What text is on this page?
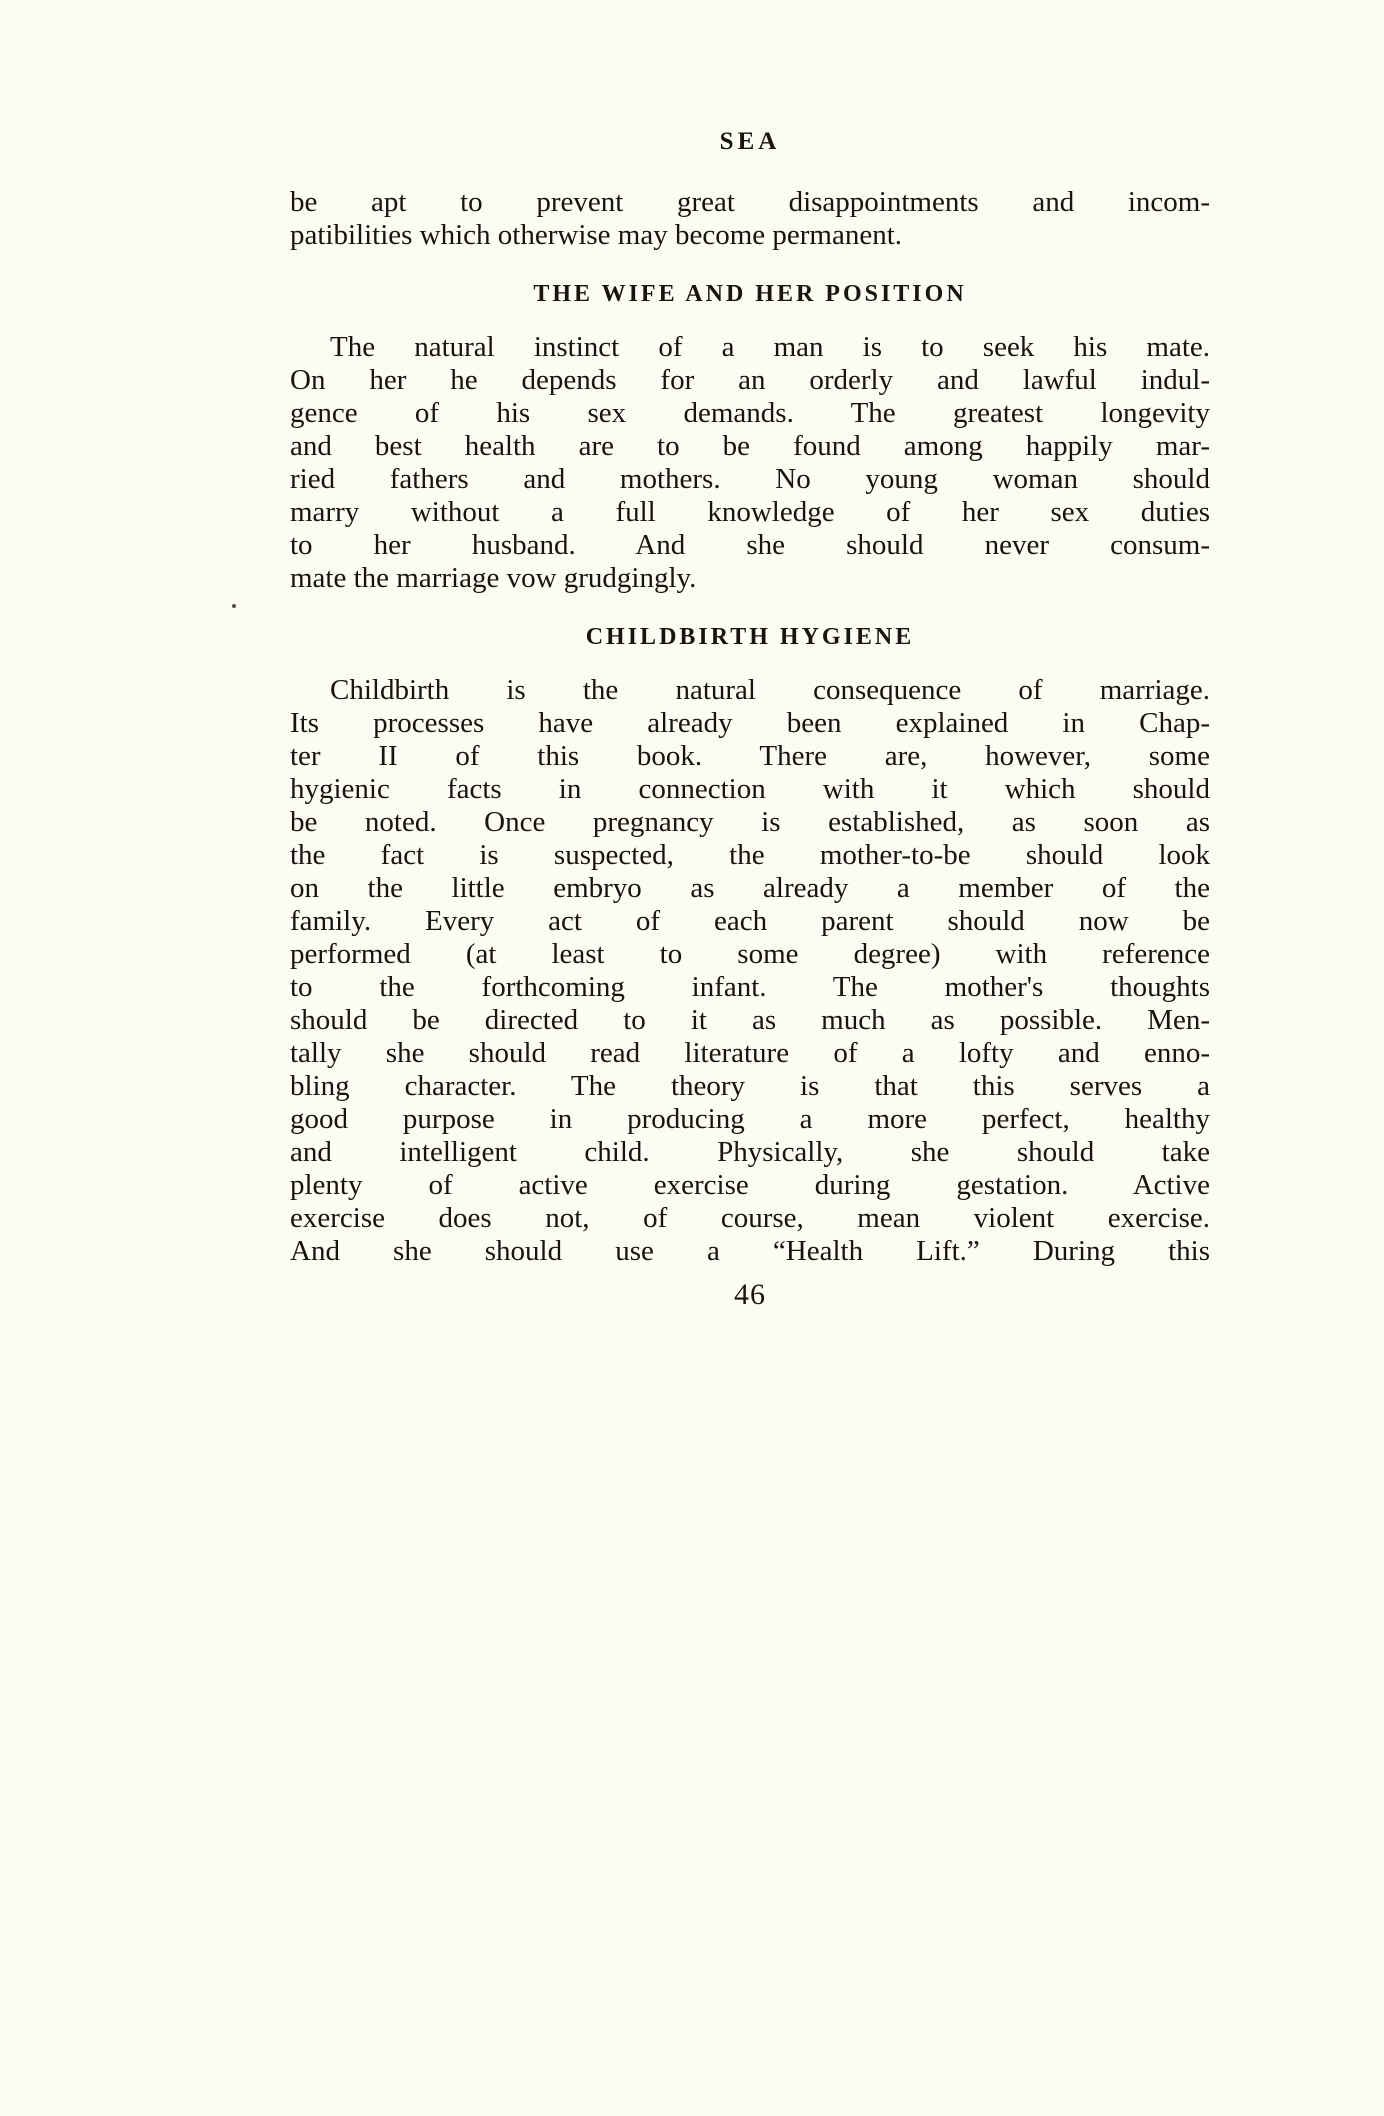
SEA
be apt to prevent great disappointments and incom-
patibilities which otherwise may become permanent.
THE WIFE AND HER POSITION
The natural instinct of a man is to seek his mate.
On her he depends for an orderly and lawful indul-
gence of his sex demands. The greatest longevity
and best health are to be found among happily mar-
ried fathers and mothers. No young woman should
marry without a full knowledge of her sex duties
to her husband. And she should never consum-
mate the marriage vow grudgingly.
CHILDBIRTH HYGIENE
Childbirth is the natural consequence of marriage.
Its processes have already been explained in Chap-
ter II of this book. There are, however, some
hygienic facts in connection with it which should
be noted. Once pregnancy is established, as soon as
the fact is suspected, the mother-to-be should look
on the little embryo as already a member of the
family. Every act of each parent should now be
performed (at least to some degree) with reference
to the forthcoming infant. The mother's thoughts
should be directed to it as much as possible. Men-
tally she should read literature of a lofty and enno-
bling character. The theory is that this serves a
good purpose in producing a more perfect, healthy
and intelligent child. Physically, she should take
plenty of active exercise during gestation. Active
exercise does not, of course, mean violent exercise.
And she should use a “Health Lift.” During this
46
